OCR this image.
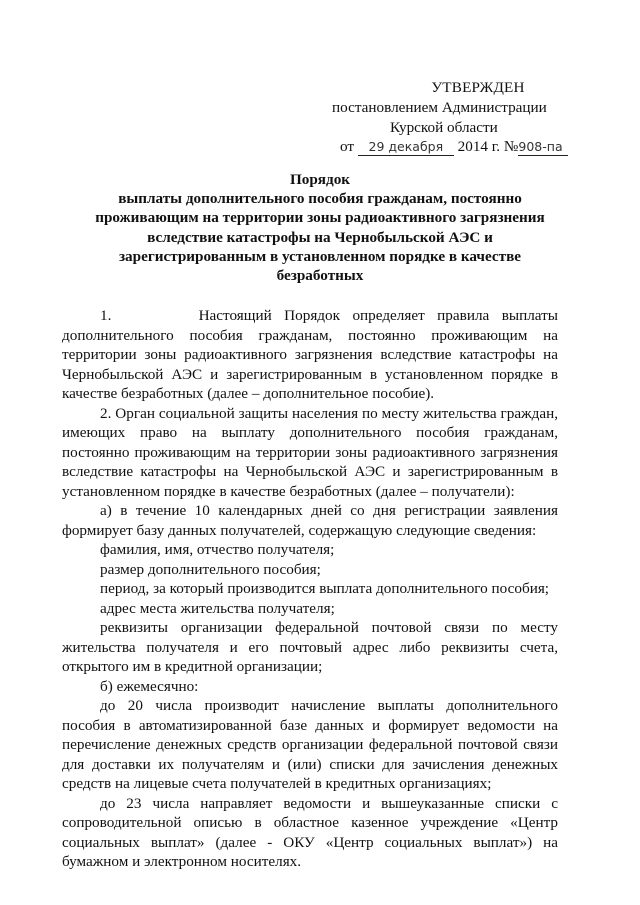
УТВЕРЖДЕН
постановлением Администрации
Курской области
от 29 декабря 2014 г. №908-па
Порядок
выплаты дополнительного пособия гражданам, постоянно
проживающим на территории зоны радиоактивного загрязнения
вследствие катастрофы на Чернобыльской АЭС и
зарегистрированным в установленном порядке в качестве
безработных

1.       Настоящий Порядок определяет правила выплаты дополнительного пособия гражданам, постоянно проживающим на территории зоны радиоактивного загрязнения вследствие катастрофы на Чернобыльской АЭС и зарегистрированным в установленном порядке в качестве безработных (далее – дополнительное пособие).

2. Орган социальной защиты населения по месту жительства граждан, имеющих право на выплату дополнительного пособия гражданам, постоянно проживающим на территории зоны радиоактивного загрязнения вследствие катастрофы на Чернобыльской АЭС и зарегистрированным в установленном порядке в качестве безработных (далее – получатели):

а) в течение 10 календарных дней со дня регистрации заявления формирует базу данных получателей, содержащую следующие сведения:

фамилия, имя, отчество получателя;

размер дополнительного пособия;

период, за который производится выплата дополнительного пособия;

адрес места жительства получателя;

реквизиты организации федеральной почтовой связи по месту жительства получателя и его почтовый адрес либо реквизиты счета, открытого им в кредитной организации;

б) ежемесячно:

до 20 числа производит начисление выплаты дополнительного пособия в автоматизированной базе данных и формирует ведомости на перечисление денежных средств организации федеральной почтовой связи для доставки их получателям и (или) списки для зачисления денежных средств на лицевые счета получателей в кредитных организациях;

до 23 числа направляет ведомости и вышеуказанные списки с сопроводительной описью в областное казенное учреждение «Центр социальных выплат» (далее - ОКУ «Центр социальных выплат») на бумажном и электронном носителях.
